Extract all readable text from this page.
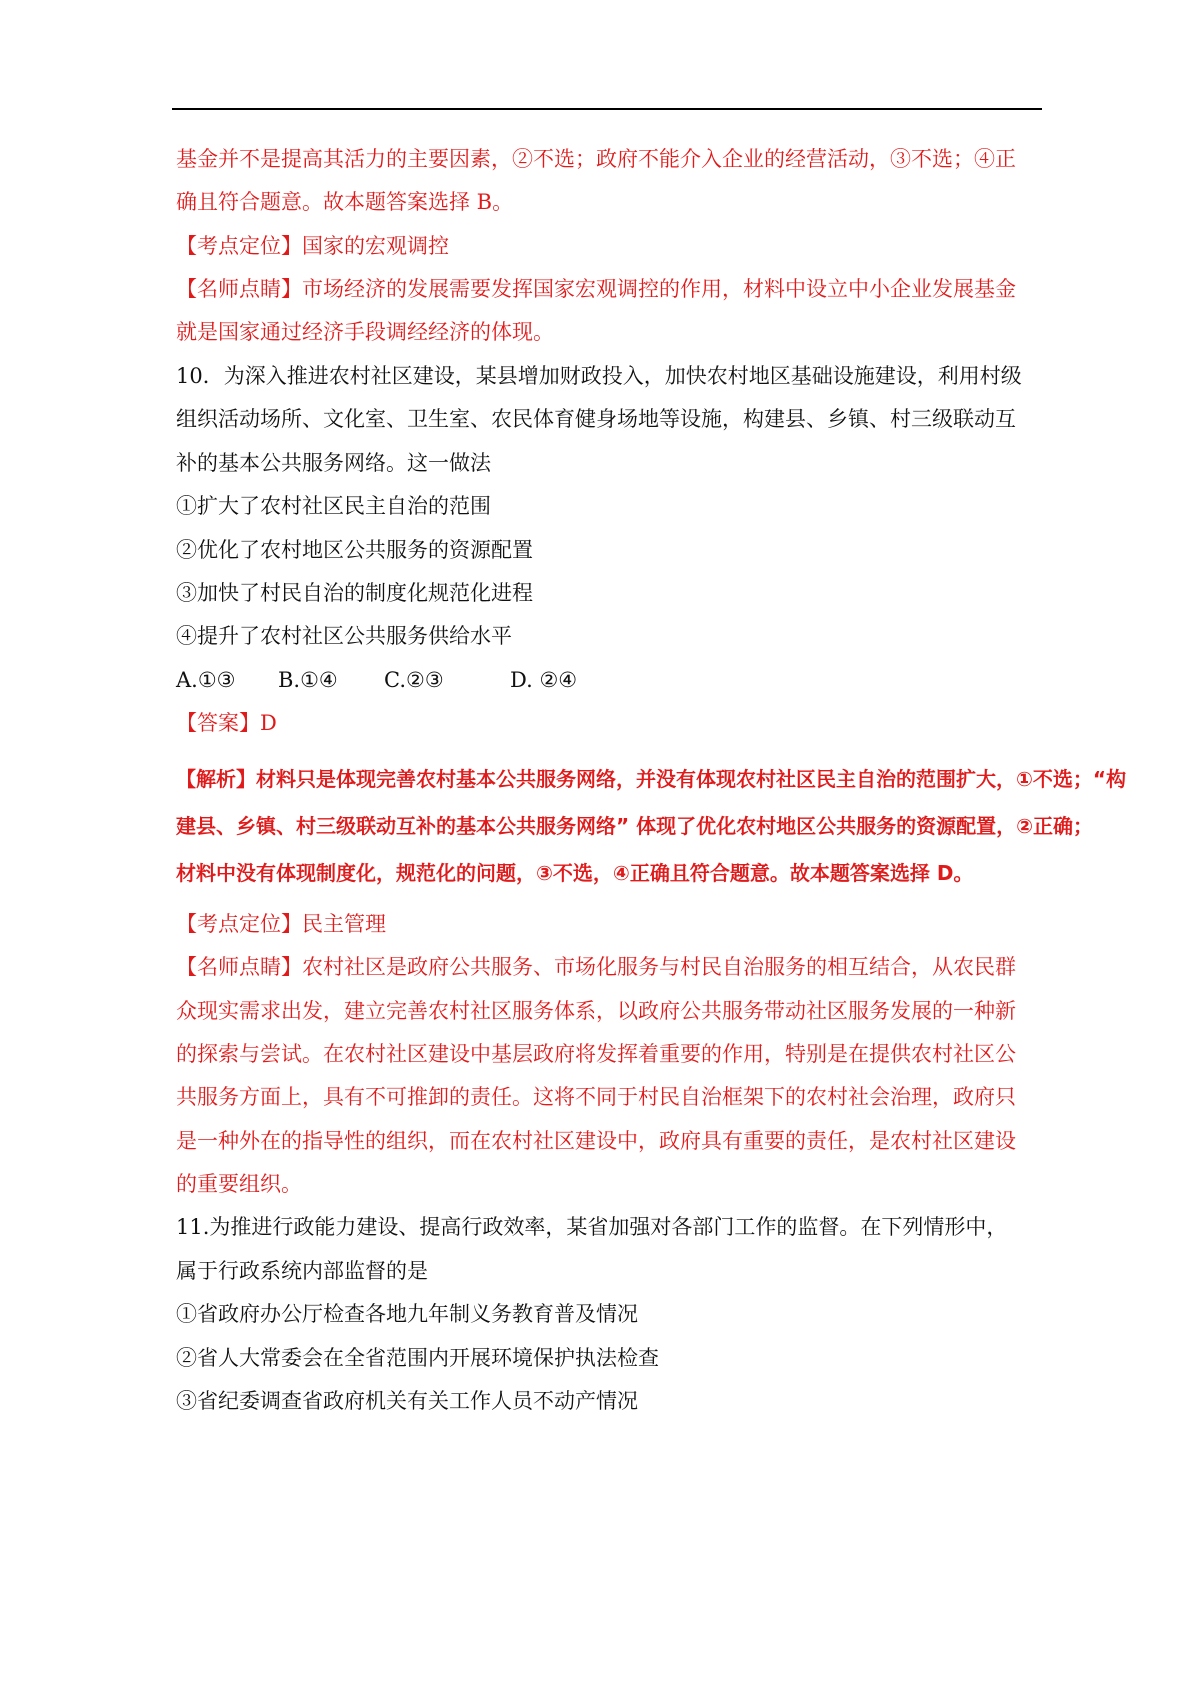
基金并不是提高其活力的主要因素，②不选；政府不能介入企业的经营活动，③不选；④正
确且符合题意。故本题答案选择 B。
【考点定位】国家的宏观调控
【名师点睛】市场经济的发展需要发挥国家宏观调控的作用，材料中设立中小企业发展基金
就是国家通过经济手段调经经济的体现。
10．为深入推进农村社区建设，某县增加财政投入，加快农村地区基础设施建设，利用村级
组织活动场所、文化室、卫生室、农民体育健身场地等设施，构建县、乡镇、村三级联动互
补的基本公共服务网络。这一做法
①扩大了农村社区民主自治的范围
②优化了农村地区公共服务的资源配置
③加快了村民自治的制度化规范化进程
④提升了农村社区公共服务供给水平
A.①③ B.①④ C.②③	D. ②④
【答案】D
【解析】材料只是体现完善农村基本公共服务网络，并没有体现农村社区民主自治的范围扩大，①不选；“构
建县、乡镇、村三级联动互补的基本公共服务网络” 体现了优化农村地区公共服务的资源配置，②正确；
材料中没有体现制度化，规范化的问题，③不选，④正确且符合题意。故本题答案选择 D。
【考点定位】民主管理
【名师点睛】农村社区是政府公共服务、市场化服务与村民自治服务的相互结合，从农民群
众现实需求出发，建立完善农村社区服务体系，以政府公共服务带动社区服务发展的一种新
的探索与尝试。在农村社区建设中基层政府将发挥着重要的作用，特别是在提供农村社区公
共服务方面上，具有不可推卸的责任。这将不同于村民自治框架下的农村社会治理，政府只
是一种外在的指导性的组织，而在农村社区建设中，政府具有重要的责任，是农村社区建设
的重要组织。
11.为推进行政能力建设、提高行政效率，某省加强对各部门工作的监督。在下列情形中，
属于行政系统内部监督的是
①省政府办公厅检查各地九年制义务教育普及情况
②省人大常委会在全省范围内开展环境保护执法检查
③省纪委调查省政府机关有关工作人员不动产情况
